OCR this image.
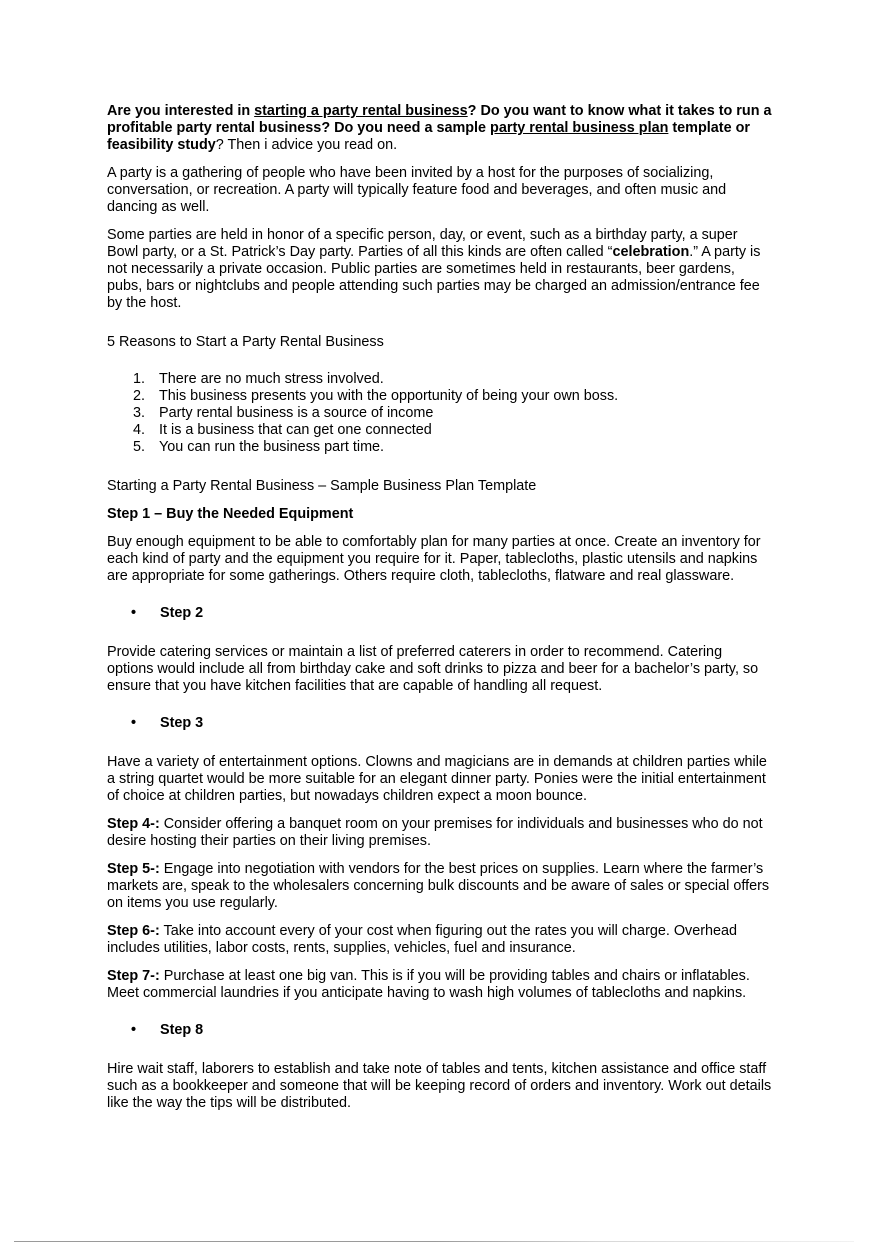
Are you interested in starting a party rental business? Do you want to know what it takes to run a profitable party rental business? Do you need a sample party rental business plan template or feasibility study? Then i advice you read on.

A party is a gathering of people who have been invited by a host for the purposes of socializing, conversation, or recreation. A party will typically feature food and beverages, and often music and dancing as well.

Some parties are held in honor of a specific person, day, or event, such as a birthday party, a super Bowl party, or a St. Patrick’s Day party. Parties of all this kinds are often called “celebration.” A party is not necessarily a private occasion. Public parties are sometimes held in restaurants, beer gardens, pubs, bars or nightclubs and people attending such parties may be charged an admission/entrance fee by the host.

5 Reasons to Start a Party Rental Business

1. There are no much stress involved.
2. This business presents you with the opportunity of being your own boss.
3. Party rental business is a source of income
4. It is a business that can get one connected
5. You can run the business part time.

Starting a Party Rental Business – Sample Business Plan Template

Step 1 – Buy the Needed Equipment

Buy enough equipment to be able to comfortably plan for many parties at once. Create an inventory for each kind of party and the equipment you require for it. Paper, tablecloths, plastic utensils and napkins are appropriate for some gatherings. Others require cloth, tablecloths, flatware and real glassware.

• Step 2

Provide catering services or maintain a list of preferred caterers in order to recommend. Catering options would include all from birthday cake and soft drinks to pizza and beer for a bachelor’s party, so ensure that you have kitchen facilities that are capable of handling all request.

• Step 3

Have a variety of entertainment options. Clowns and magicians are in demands at children parties while a string quartet would be more suitable for an elegant dinner party. Ponies were the initial entertainment of choice at children parties, but nowadays children expect a moon bounce.

Step 4-: Consider offering a banquet room on your premises for individuals and businesses who do not desire hosting their parties on their living premises.

Step 5-: Engage into negotiation with vendors for the best prices on supplies. Learn where the farmer’s markets are, speak to the wholesalers concerning bulk discounts and be aware of sales or special offers on items you use regularly.

Step 6-: Take into account every of your cost when figuring out the rates you will charge. Overhead includes utilities, labor costs, rents, supplies, vehicles, fuel and insurance.

Step 7-: Purchase at least one big van. This is if you will be providing tables and chairs or inflatables. Meet commercial laundries if you anticipate having to wash high volumes of tablecloths and napkins.

• Step 8

Hire wait staff, laborers to establish and take note of tables and tents, kitchen assistance and office staff such as a bookkeeper and someone that will be keeping record of orders and inventory. Work out details like the way the tips will be distributed.
